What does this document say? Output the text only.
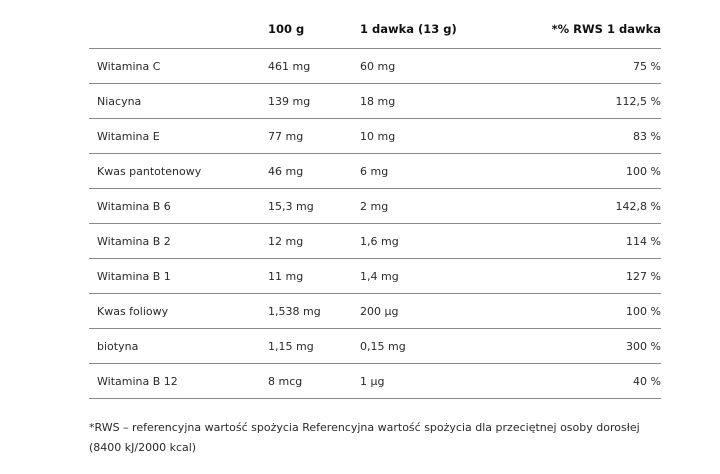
	100 g	1 dawka (13 g)	*% RWS 1 dawka
Witamina C	461 mg	60 mg	75 %
Niacyna	139 mg	18 mg	112,5 %
Witamina E	77 mg	10 mg	83 %
Kwas pantotenowy	46 mg	6 mg	100 %
Witamina B 6	15,3 mg	2 mg	142,8 %
Witamina B 2	12 mg	1,6 mg	114 %
Witamina B 1	11 mg	1,4 mg	127 %
Kwas foliowy	1,538 mg	200 µg	100 %
biotyna	1,15 mg	0,15 mg	300 %
Witamina B 12	8 mcg	1 µg	40 %
*RWS – referencyjna wartość spożycia Referencyjna wartość spożycia dla przeciętnej osoby dorosłej (8400 kJ/2000 kcal)
